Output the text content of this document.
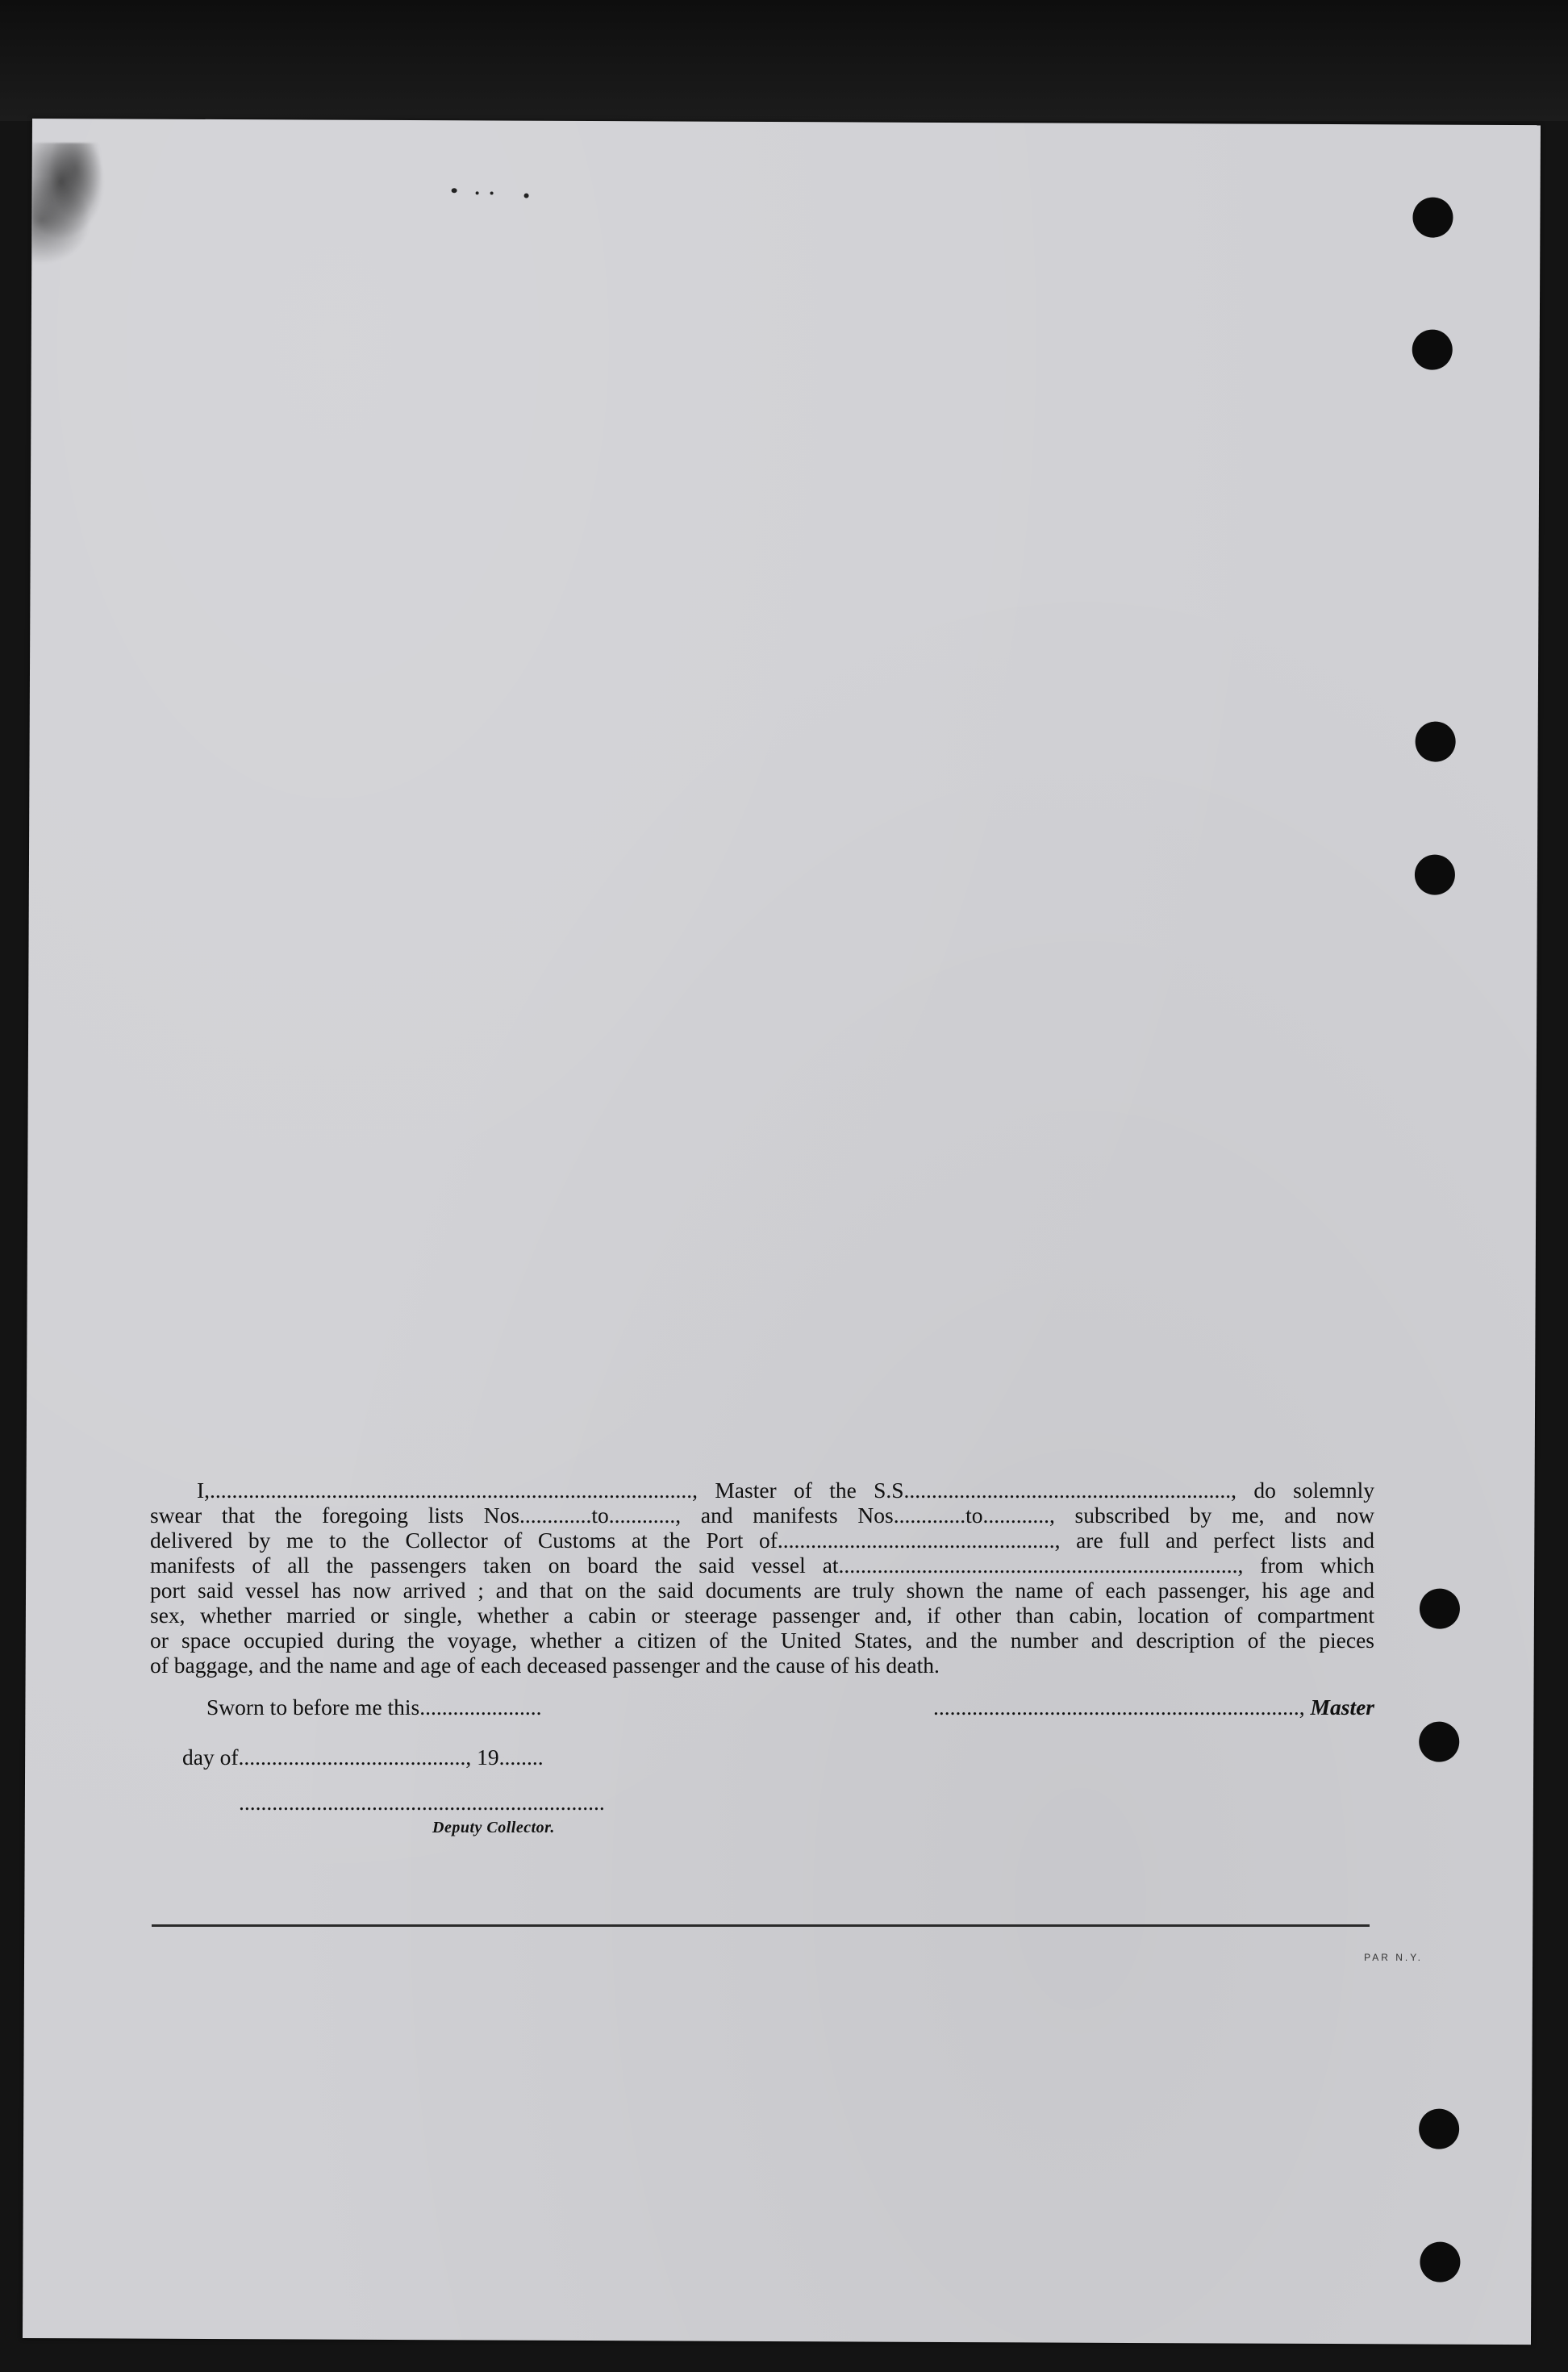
I,......................................................................................., Master of the S.S..........................................................., do solemnly

swear that the foregoing lists Nos.............to............, and manifests Nos.............to............, subscribed by me, and now

delivered by me to the Collector of Customs at the Port of.................................................., are full and perfect lists and

manifests of all the passengers taken on board the said vessel at........................................................................, from which

port said vessel has now arrived ; and that on the said documents are truly shown the name of each passenger, his age and

sex, whether married or single, whether a cabin or steerage passenger and, if other than cabin, location of compartment

or space occupied during the voyage, whether a citizen of the United States, and the number and description of the pieces

of baggage, and the name and age of each deceased passenger and the cause of his death.

Sworn to before me this......................	.................................................................., Master
day of........................................., 19........
..................................................................
Deputy Collector.
PAR N.Y.
